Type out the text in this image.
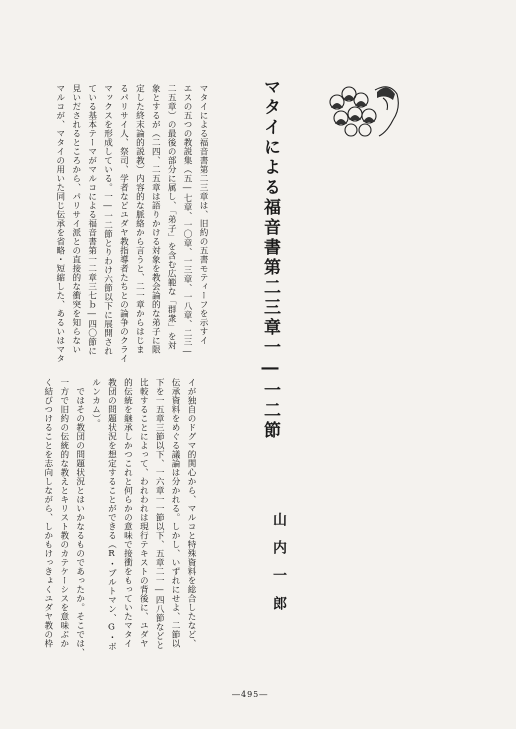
マタイによる福音書第二三章は、旧約の五書モティーフを示すイ
エスの五つの教説集（五―七章、一〇章、一三章、一八章、二三―
二五章）の最後の部分に属し、「弟子」を含む広範な「群衆」を対
象とするが（二四、二五章は語りかける対象を教会論的な弟子に限
定した終末論的説教）内容的な脈絡から言うと、二一章からはじま
るパリサイ人、祭司、学者などユダヤ教指導者たちとの論争のクライ
マックスを形成している。一―一二節とりわけ六節以下に展開され
ている基本テーマがマルコによる福音書第一二章三七ｂ―四〇節に
見いだされるところから、パリサイ派との直接的な衝突を知らない
マルコが、マタイの用いた同じ伝承を省略・短縮した、あるいはマタ	マタイによる福音書第二三章一―一二節
イが独自のドグマ的関心から、マルコと特殊資料を総合したなど、
伝承資料をめぐる議論は分かれる。しかし、いずれにせよ、二節以
下を一五章三節以下、一六章一一節以下、五章二一―四八節などと
比較することによって、われわれは現行テキストの背後に、ユダヤ
的伝統を継承しかつこれと何らかの意味で接衝をもっていたマタイ
教団の問題状況を想定することができる（R・ブルトマン、G・ボ
ルンカム）。
　ではその教団の問題状況とはいかなるものであったか。そこでは、
一方で旧約の伝統的な教えとキリスト教のカテケーシスを意味ぶか
く結びつけることを志向しながら、しかもけっきょくユダヤ教の枠	山内一郎
―495―
